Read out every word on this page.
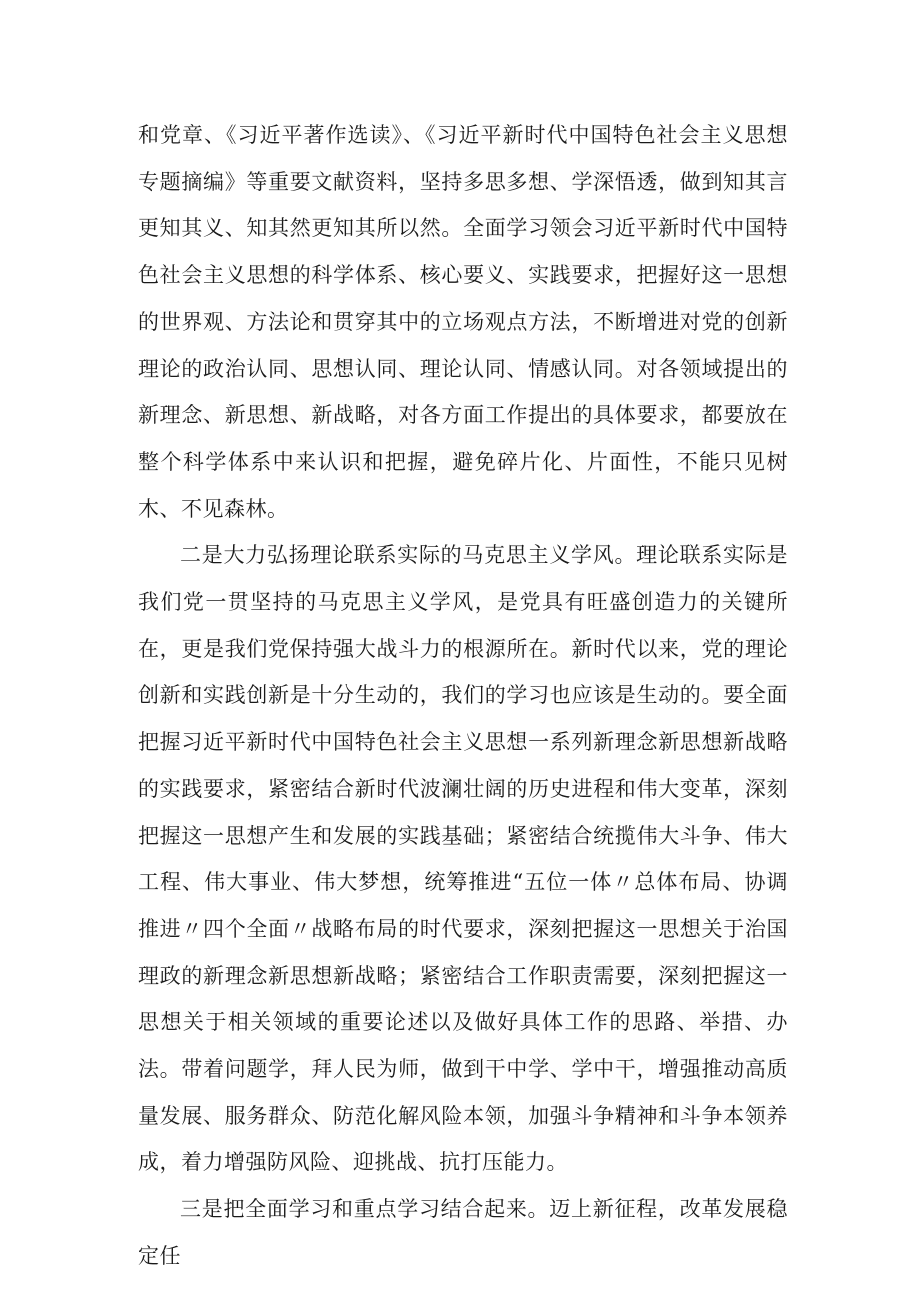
和党章、《习近平著作选读》、《习近平新时代中国特色社会主义思想专题摘编》等重要文献资料，坚持多思多想、学深悟透，做到知其言更知其义、知其然更知其所以然。全面学习领会习近平新时代中国特色社会主义思想的科学体系、核心要义、实践要求，把握好这一思想的世界观、方法论和贯穿其中的立场观点方法，不断增进对党的创新理论的政治认同、思想认同、理论认同、情感认同。对各领域提出的新理念、新思想、新战略，对各方面工作提出的具体要求，都要放在整个科学体系中来认识和把握，避免碎片化、片面性，不能只见树木、不见森林。

二是大力弘扬理论联系实际的马克思主义学风。理论联系实际是我们党一贯坚持的马克思主义学风，是党具有旺盛创造力的关键所在，更是我们党保持强大战斗力的根源所在。新时代以来，党的理论创新和实践创新是十分生动的，我们的学习也应该是生动的。要全面把握习近平新时代中国特色社会主义思想一系列新理念新思想新战略的实践要求，紧密结合新时代波澜壮阔的历史进程和伟大变革，深刻把握这一思想产生和发展的实践基础；紧密结合统揽伟大斗争、伟大工程、伟大事业、伟大梦想，统筹推进“五位一体〃总体布局、协调推进〃四个全面〃战略布局的时代要求，深刻把握这一思想关于治国理政的新理念新思想新战略；紧密结合工作职责需要，深刻把握这一思想关于相关领域的重要论述以及做好具体工作的思路、举措、办法。带着问题学，拜人民为师，做到干中学、学中干，增强推动高质量发展、服务群众、防范化解风险本领，加强斗争精神和斗争本领养成，着力增强防风险、迎挑战、抗打压能力。

三是把全面学习和重点学习结合起来。迈上新征程，改革发展稳定任
